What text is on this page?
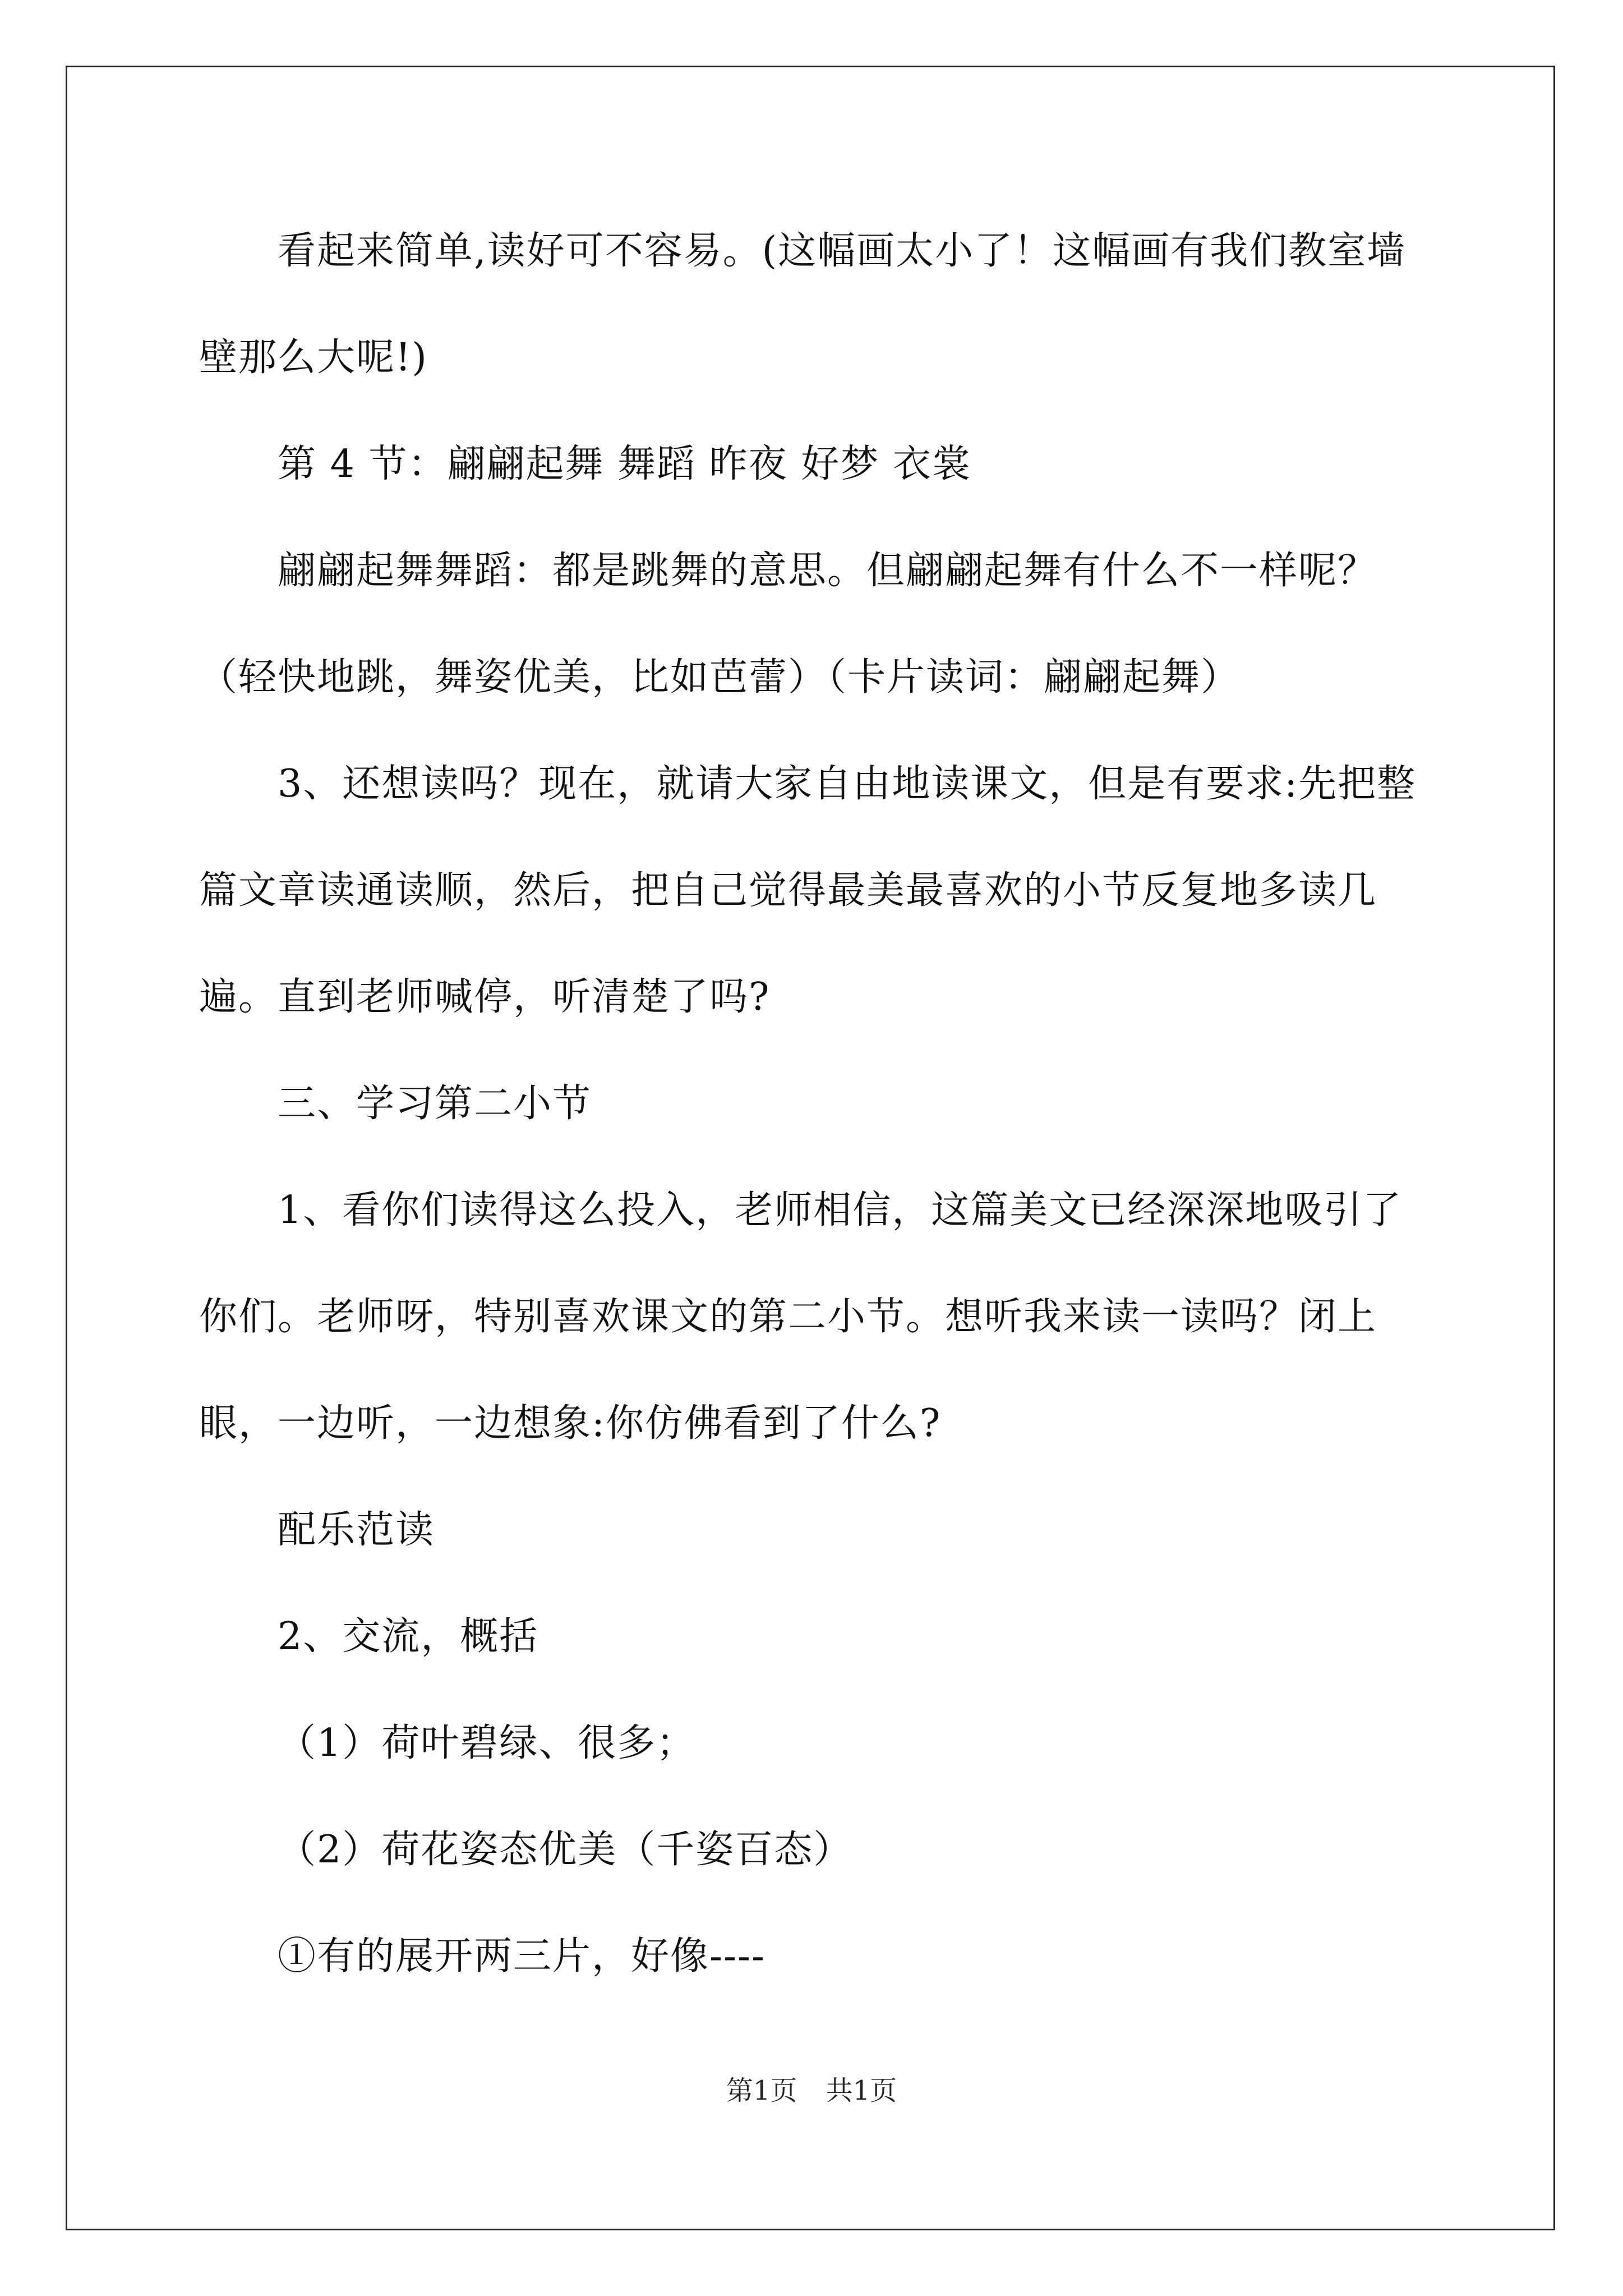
看起来简单,读好可不容易。(这幅画太小了！这幅画有我们教室墙壁那么大呢!)
第 4 节：翩翩起舞 舞蹈 昨夜 好梦 衣裳
翩翩起舞舞蹈：都是跳舞的意思。但翩翩起舞有什么不一样呢？（轻快地跳，舞姿优美，比如芭蕾）（卡片读词：翩翩起舞）
3、还想读吗？现在，就请大家自由地读课文，但是有要求:先把整篇文章读通读顺，然后，把自己觉得最美最喜欢的小节反复地多读几遍。直到老师喊停，听清楚了吗?
三、学习第二小节
1、看你们读得这么投入，老师相信，这篇美文已经深深地吸引了你们。老师呀，特别喜欢课文的第二小节。想听我来读一读吗？闭上眼，一边听，一边想象:你仿佛看到了什么?
配乐范读
2、交流，概括
（1）荷叶碧绿、很多；
（2）荷花姿态优美（千姿百态）
①有的展开两三片，好像----
第1页 共1页
